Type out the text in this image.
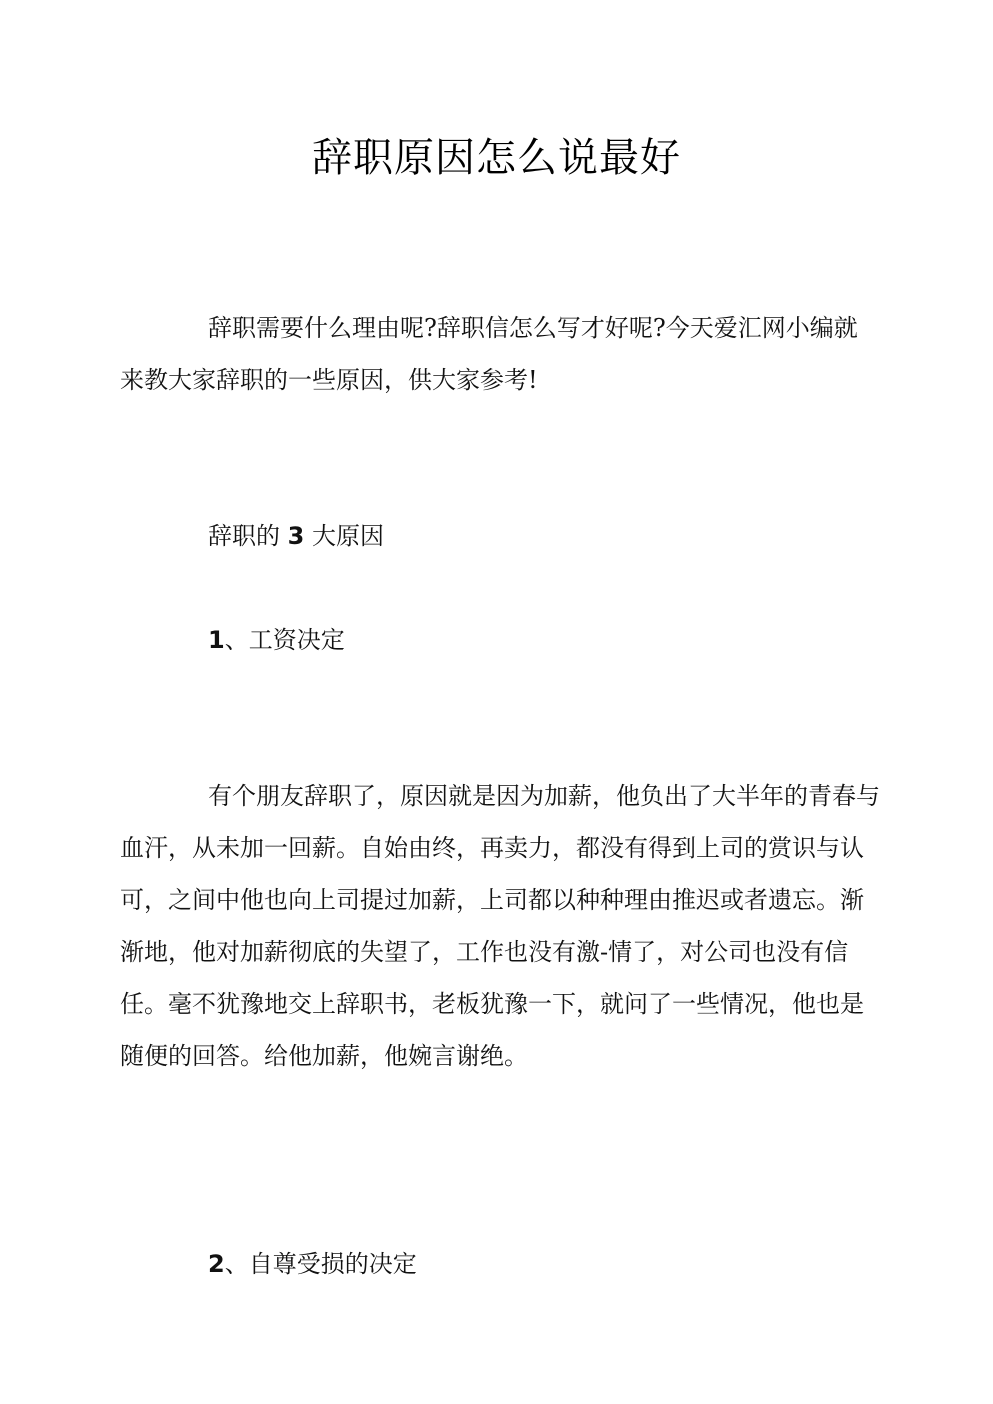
辞职原因怎么说最好

辞职需要什么理由呢?辞职信怎么写才好呢?今天爱汇网小编就来教大家辞职的一些原因，供大家参考!

辞职的 3 大原因
1、工资决定

有个朋友辞职了，原因就是因为加薪，他负出了大半年的青春与血汗，从未加一回薪。自始由终，再卖力，都没有得到上司的赏识与认可，之间中他也向上司提过加薪，上司都以种种理由推迟或者遗忘。渐渐地，他对加薪彻底的失望了，工作也没有激-情了，对公司也没有信任。毫不犹豫地交上辞职书，老板犹豫一下，就问了一些情况，他也是随便的回答。给他加薪，他婉言谢绝。

2、自尊受损的决定
